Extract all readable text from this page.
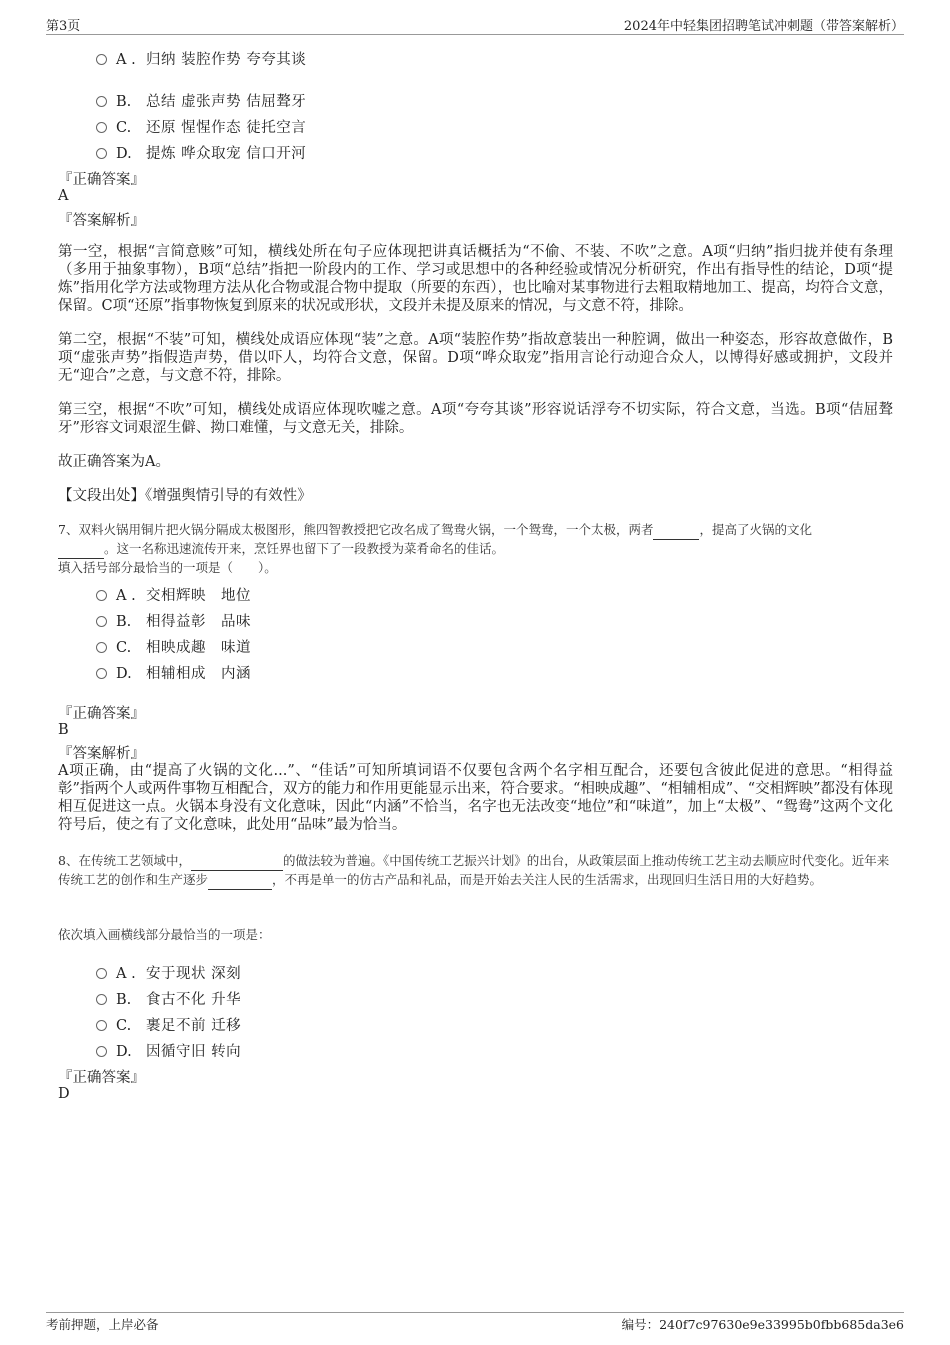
第3页	2024年中轻集团招聘笔试冲刺题（带答案解析）
A . 归纳 装腔作势 夸夸其谈
B. 总结 虚张声势 佶屈聱牙
C. 还原 惺惺作态 徒托空言
D. 提炼 哗众取宠 信口开河
『正确答案』
A
『答案解析』
第一空，根据“言简意赅”可知，横线处所在句子应体现把讲真话概括为“不偷、不装、不吹”之意。A项“归纳”指归拢并使有条理（多用于抽象事物），B项“总结”指把一阶段内的工作、学习或思想中的各种经验或情况分析研究，作出有指导性的结论，D项“提炼”指用化学方法或物理方法从化合物或混合物中提取（所要的东西），也比喻对某事物进行去粗取精地加工、提高，均符合文意，保留。C项“还原”指事物恢复到原来的状况或形状，文段并未提及原来的情况，与文意不符，排除。
第二空，根据“不装”可知，横线处成语应体现“装”之意。A项“装腔作势”指故意装出一种腔调，做出一种姿态，形容故意做作，B项“虚张声势”指假造声势，借以吓人，均符合文意，保留。D项“哗众取宠”指用言论行动迎合众人，以博得好感或拥护，文段并无“迎合”之意，与文意不符，排除。
第三空，根据“不吹”可知，横线处成语应体现吹嘘之意。A项“夸夸其谈”形容说话浮夸不切实际，符合文意，当选。B项“佶屈聱牙”形容文词艰涩生僻、拗口难懂，与文意无关，排除。
故正确答案为A。
【文段出处】《增强舆情引导的有效性》
7、双料火锅用铜片把火锅分隔成太极图形，熊四智教授把它改名成了鸳鸯火锅，一个鸳鸯，一个太极，两者	，提高了火锅的文化
。这一名称迅速流传开来，烹饪界也留下了一段教授为菜肴命名的佳话。
填入括号部分最恰当的一项是（　　）。
A . 交相辉映　地位
B. 相得益彰　品味
C. 相映成趣　味道
D. 相辅相成　内涵
『正确答案』
B
『答案解析』
A项正确，由“提高了火锅的文化...”、“佳话”可知所填词语不仅要包含两个名字相互配合，还要包含彼此促进的意思。“相得益彰”指两个人或两件事物互相配合，双方的能力和作用更能显示出来，符合要求。“相映成趣”、“相辅相成”、“交相辉映”都没有体现相互促进这一点。火锅本身没有文化意味，因此“内涵”不恰当，名字也无法改变“地位”和“味道”，加上“太极”、“鸳鸯”这两个文化符号后，使之有了文化意味，此处用“品味”最为恰当。
8、在传统工艺领域中，	的做法较为普遍。《中国传统工艺振兴计划》的出台，从政策层面上推动传统工艺主动去顺应时代变化。近年来传统工艺的创作和生产逐步	，不再是单一的仿古产品和礼品，而是开始去关注人民的生活需求，出现回归生活日用的大好趋势。
依次填入画横线部分最恰当的一项是：
A . 安于现状 深刻
B. 食古不化 升华
C. 裹足不前 迁移
D. 因循守旧 转向
『正确答案』
D
考前押题，上岸必备	编号：240f7c97630e9e33995b0fbb685da3e6
